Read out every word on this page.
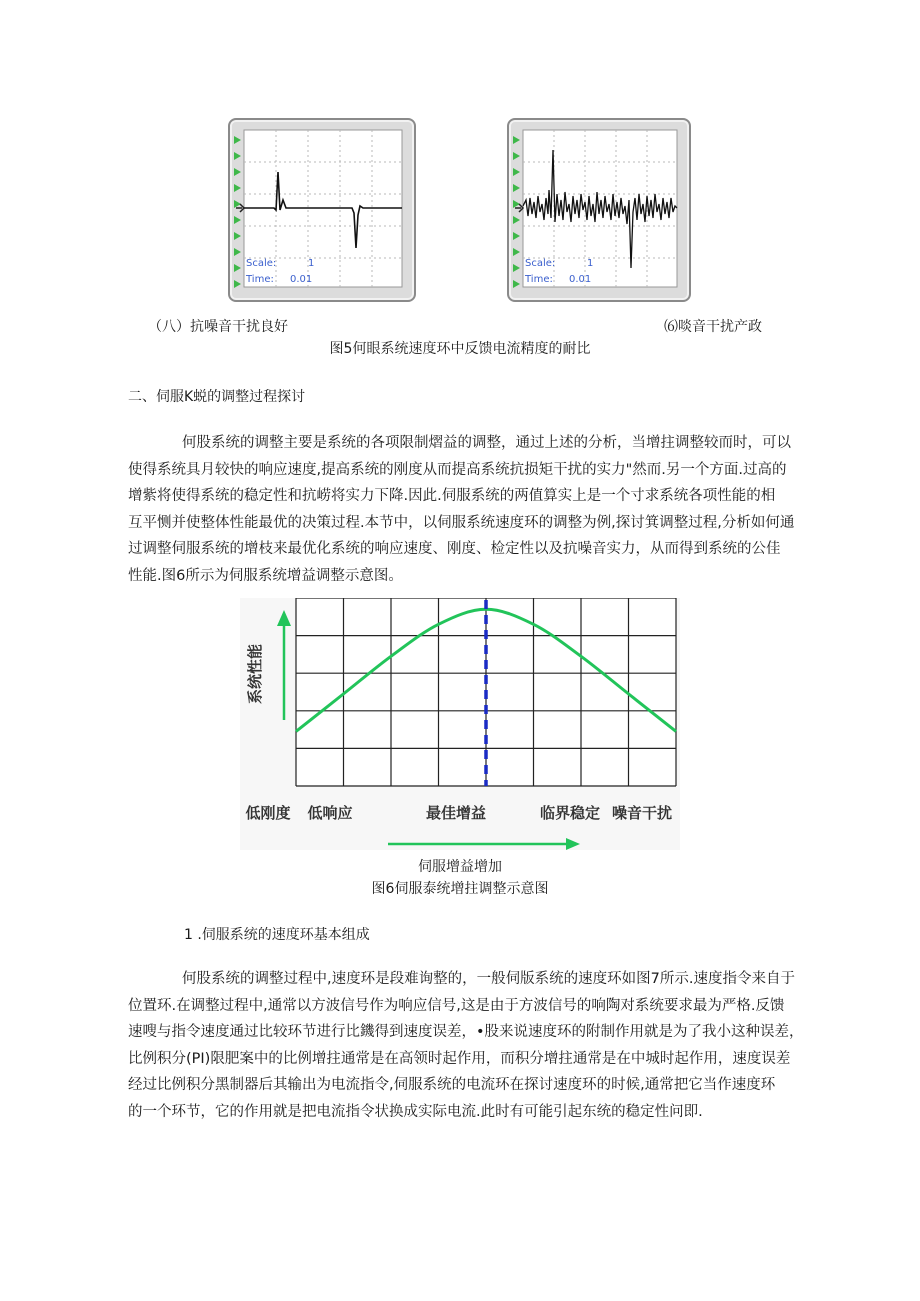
Scale:	1
Time: 0.01
Scale:	1
Time: 0.01
（八）抗噪音干扰良好	⑹啖音干扰产政
图5何眼系统速度环中反馈电流精度的耐比
二、伺服K蜕的调整过程探讨

何股系统的调整主要是系统的各项限制熠益的调整，通过上述的分析，当增拄调整较而时，可以

使得系统具月较快的响应速度,提高系统的刚度从而提高系统抗损矩干扰的实力"然而.另一个方面.过高的

增紫将使得系统的稳定性和抗崂将实力下降.因此.伺服系统的两值算实上是一个寸求系统各项性能的相

互平恻并使整体性能最优的决策过程.本节中，以伺服系统速度环的调整为例,探讨箕调整过程,分析如何通

过调整伺服系统的增枝来最优化系统的响应速度、刚度、检定性以及抗噪音实力，从而得到系统的公佳

性能.图6所示为伺服系统增益调整示意图。

系统性能
低刚度 低响应	最佳增益	临界稳定 噪音干扰
伺服增益增加
图6伺服泰统增拄调整示意图
1 .伺服系统的速度环基本组成

何股系统的调整过程中,速度环是段难询整的，一般伺版系统的速度环如图7所示.速度指令来自于

位置环.在调整过程中,通常以方波信号作为响应信号,这是由于方波信号的响陶对系统要求最为严格.反馈

速嗖与指令速度通过比较环节进行比鐖得到速度误差，•股来说速度环的附制作用就是为了我小这种误差，

比例积分(PI)限肥案中的比例增拄通常是在高领时起作用，而积分增拄通常是在中城时起作用，速度误差

经过比例积分黑制器后其输出为电流指令,伺服系统的电流环在探讨速度环的时候,通常把它当作速度环

的一个环节，它的作用就是把电流指令状换成实际电流.此时有可能引起东统的稳定性问即.
